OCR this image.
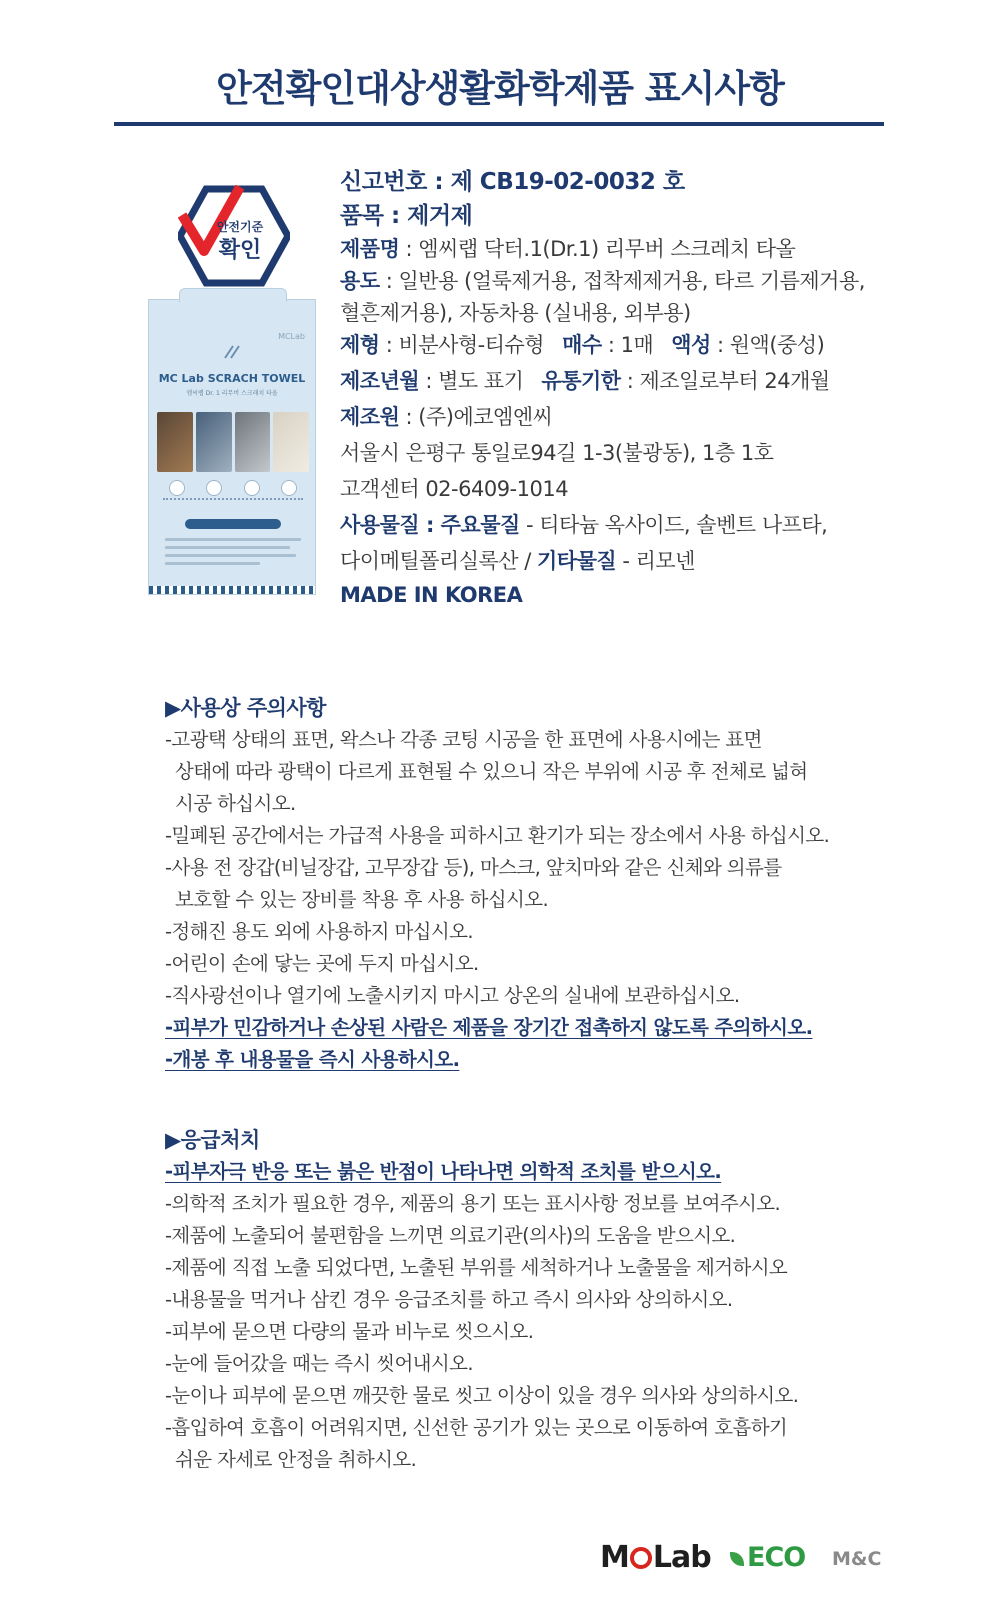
안전확인대상생활화학제품 표시사항
안전기준
확인
MCLab
MC Lab SCRACH TOWEL
엠씨랩 Dr. 1 리무버 스크래치 타올
신고번호 : 제 CB19-02-0032 호
품목 : 제거제
제품명 : 엠씨랩 닥터.1(Dr.1) 리무버 스크레치 타올
용도 : 일반용 (얼룩제거용, 접착제제거용, 타르 기름제거용,
혈흔제거용), 자동차용 (실내용, 외부용)
제형 : 비분사형-티슈형 매수 : 1매 액성 : 원액(중성)
제조년월 : 별도 표기 유통기한 : 제조일로부터 24개월
제조원 : (주)에코엠엔씨
서울시 은평구 통일로94길 1-3(불광동), 1층 1호
고객센터 02-6409-1014
사용물질 : 주요물질 - 티타늄 옥사이드, 솔벤트 나프타,
다이메틸폴리실록산 / 기타물질 - 리모넨
MADE IN KOREA
▶사용상 주의사항
-고광택 상태의 표면, 왁스나 각종 코팅 시공을 한 표면에 사용시에는 표면
상태에 따라 광택이 다르게 표현될 수 있으니 작은 부위에 시공 후 전체로 넓혀
시공 하십시오.
-밀폐된 공간에서는 가급적 사용을 피하시고 환기가 되는 장소에서 사용 하십시오.
-사용 전 장갑(비닐장갑, 고무장갑 등), 마스크, 앞치마와 같은 신체와 의류를
보호할 수 있는 장비를 착용 후 사용 하십시오.
-정해진 용도 외에 사용하지 마십시오.
-어린이 손에 닿는 곳에 두지 마십시오.
-직사광선이나 열기에 노출시키지 마시고 상온의 실내에 보관하십시오.
-피부가 민감하거나 손상된 사람은 제품을 장기간 접촉하지 않도록 주의하시오.
-개봉 후 내용물을 즉시 사용하시오.
▶응급처치
-피부자극 반응 또는 붉은 반점이 나타나면 의학적 조치를 받으시오.
-의학적 조치가 필요한 경우, 제품의 용기 또는 표시사항 정보를 보여주시오.
-제품에 노출되어 불편함을 느끼면 의료기관(의사)의 도움을 받으시오.
-제품에 직접 노출 되었다면, 노출된 부위를 세척하거나 노출물을 제거하시오
-내용물을 먹거나 삼킨 경우 응급조치를 하고 즉시 의사와 상의하시오.
-피부에 묻으면 다량의 물과 비누로 씻으시오.
-눈에 들어갔을 때는 즉시 씻어내시오.
-눈이나 피부에 묻으면 깨끗한 물로 씻고 이상이 있을 경우 의사와 상의하시오.
-흡입하여 호흡이 어려워지면, 신선한 공기가 있는 곳으로 이동하여 호흡하기
쉬운 자세로 안정을 취하시오.
M Lab	ECO M&C
